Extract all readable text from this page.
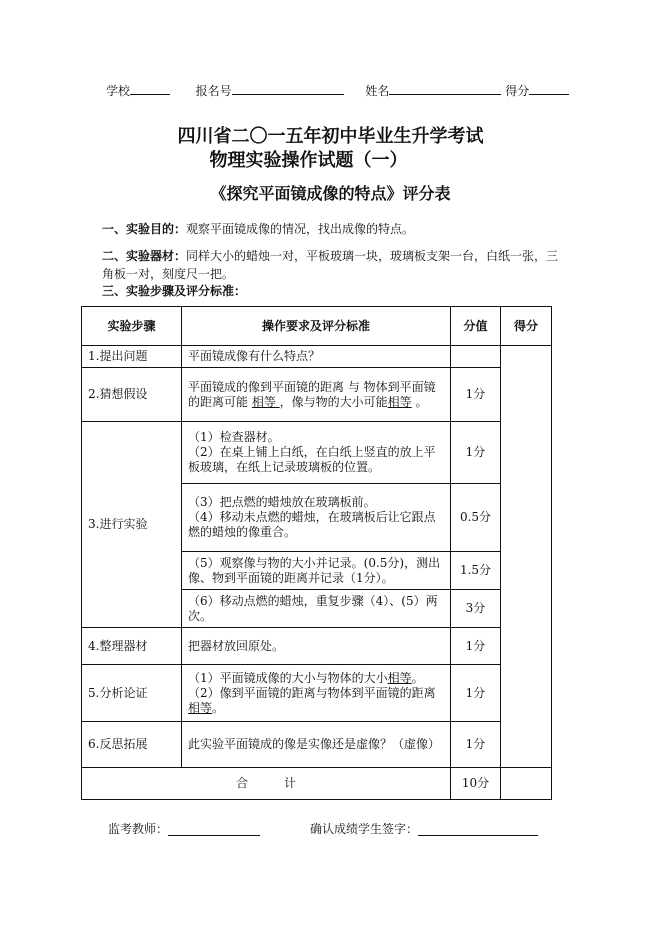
学校	报名号	姓名	得分
四川省二〇一五年初中毕业生升学考试
物理实验操作试题（一）
《探究平面镜成像的特点》评分表
一、实验目的：观察平面镜成像的情况，找出成像的特点。
二、实验器材：同样大小的蜡烛一对，平板玻璃一块，玻璃板支架一台，白纸一张，三角板一对，刻度尺一把。
三、实验步骤及评分标准：
实验步骤	操作要求及评分标准	分值	得分
1.提出问题	平面镜成像有什么特点？		
2.猜想假设	平面镜成的像到平面镜的距离 与 物体到平面镜的距离可能 相等 ，像与物的大小可能相等 。	1分	
3.进行实验	（1）检查器材。
（2）在桌上铺上白纸，在白纸上竖直的放上平板玻璃，在纸上记录玻璃板的位置。	1分	

	（3）把点燃的蜡烛放在玻璃板前。
（4）移动未点燃的蜡烛，在玻璃板后让它跟点燃的蜡烛的像重合。	0.5分	
	（5）观察像与物的大小并记录。(0.5分)，测出像、物到平面镜的距离并记录（1分）。	1.5分	
	（6）移动点燃的蜡烛，重复步骤（4）、(5）两次。	3分	
4.整理器材	把器材放回原处。	1分	
5.分析论证	（1）平面镜成像的大小与物体的大小相等。
（2）像到平面镜的距离与物体到平面镜的距离相等。	1分	
6.反思拓展	此实验平面镜成的像是实像还是虚像？（虚像）	1分	
合　　　计		10分	
监考教师：	确认成绩学生签字：
